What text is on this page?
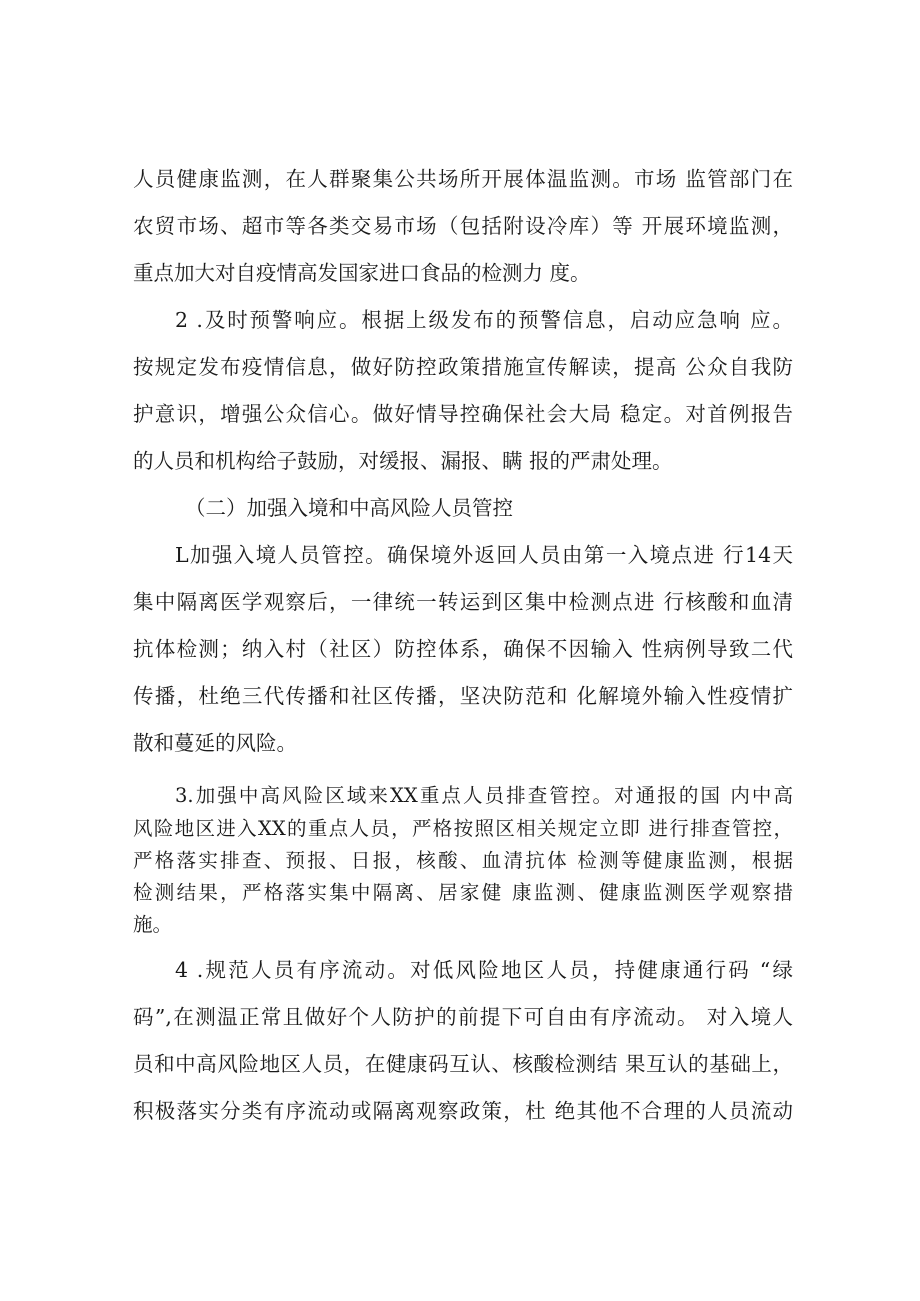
人员健康监测，在人群聚集公共场所开展体温监测。市场 监管部门在

农贸市场、超市等各类交易市场（包括附设冷库）等 开展环境监测，

重点加大对自疫情高发国家进口食品的检测力 度。

2 .及时预警响应。根据上级发布的预警信息，启动应急响 应。

按规定发布疫情信息，做好防控政策措施宣传解读，提高 公众自我防

护意识，增强公众信心。做好情导控确保社会大局 稳定。对首例报告

的人员和机构给子鼓励，对缓报、漏报、瞒 报的严肃处理。

（二）加强入境和中高风险人员管控

L加强入境人员管控。确保境外返回人员由第一入境点进 行14天

集中隔离医学观察后，一律统一转运到区集中检测点进 行核酸和血清

抗体检测；纳入村（社区）防控体系，确保不因输入 性病例导致二代

传播，杜绝三代传播和社区传播，坚决防范和 化解境外输入性疫情扩

散和蔓延的风险。

3.加强中高风险区域来XX重点人员排查管控。对通报的国 内中高

风险地区进入XX的重点人员，严格按照区相关规定立即 进行排查管控，

严格落实排查、预报、日报，核酸、血清抗体 检测等健康监测，根据

检测结果，严格落实集中隔离、居家健 康监测、健康监测医学观察措

施。

4 .规范人员有序流动。对低风险地区人员，持健康通行码 “绿

码”,在测温正常且做好个人防护的前提下可自由有序流动。 对入境人

员和中高风险地区人员，在健康码互认、核酸检测结 果互认的基础上，

积极落实分类有序流动或隔离观察政策，杜 绝其他不合理的人员流动
